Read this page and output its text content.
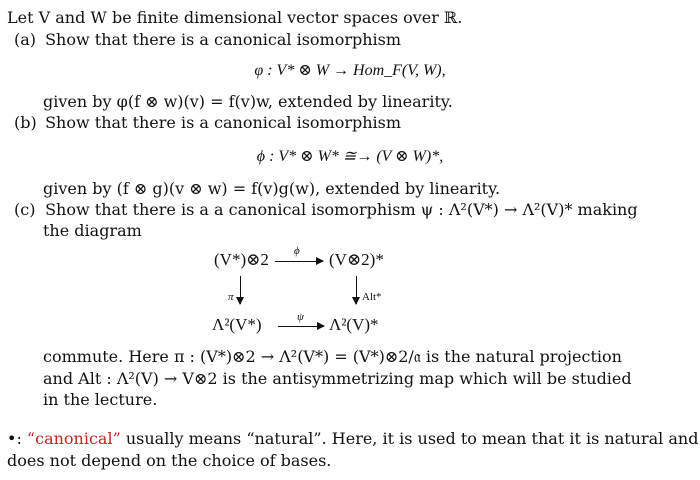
Let V and W be finite dimensional vector spaces over ℝ.
(a) Show that there is a canonical isomorphism
φ : V* ⊗ W → Hom_F(V, W),
given by φ(f ⊗ w)(v) = f(v)w, extended by linearity.
(b) Show that there is a canonical isomorphism
ϕ : V* ⊗ W* ≅→ (V ⊗ W)*,
given by (f ⊗ g)(v ⊗ w) = f(v)g(w), extended by linearity.
(c) Show that there is a a canonical isomorphism ψ : Λ²(V*) → Λ²(V)* making
the diagram
(V*)⊗2 ϕ (V⊗2)*
π	Alt*
Λ²(V*)	ψ Λ²(V)*
commute. Here π : (V*)⊗2 → Λ²(V*) = (V*)⊗2/𝔞 is the natural projection
and Alt : Λ²(V) → V⊗2 is the antisymmetrizing map which will be studied
in the lecture.
•: “canonical” usually means “natural”. Here, it is used to mean that it is natural and
does not depend on the choice of bases.
